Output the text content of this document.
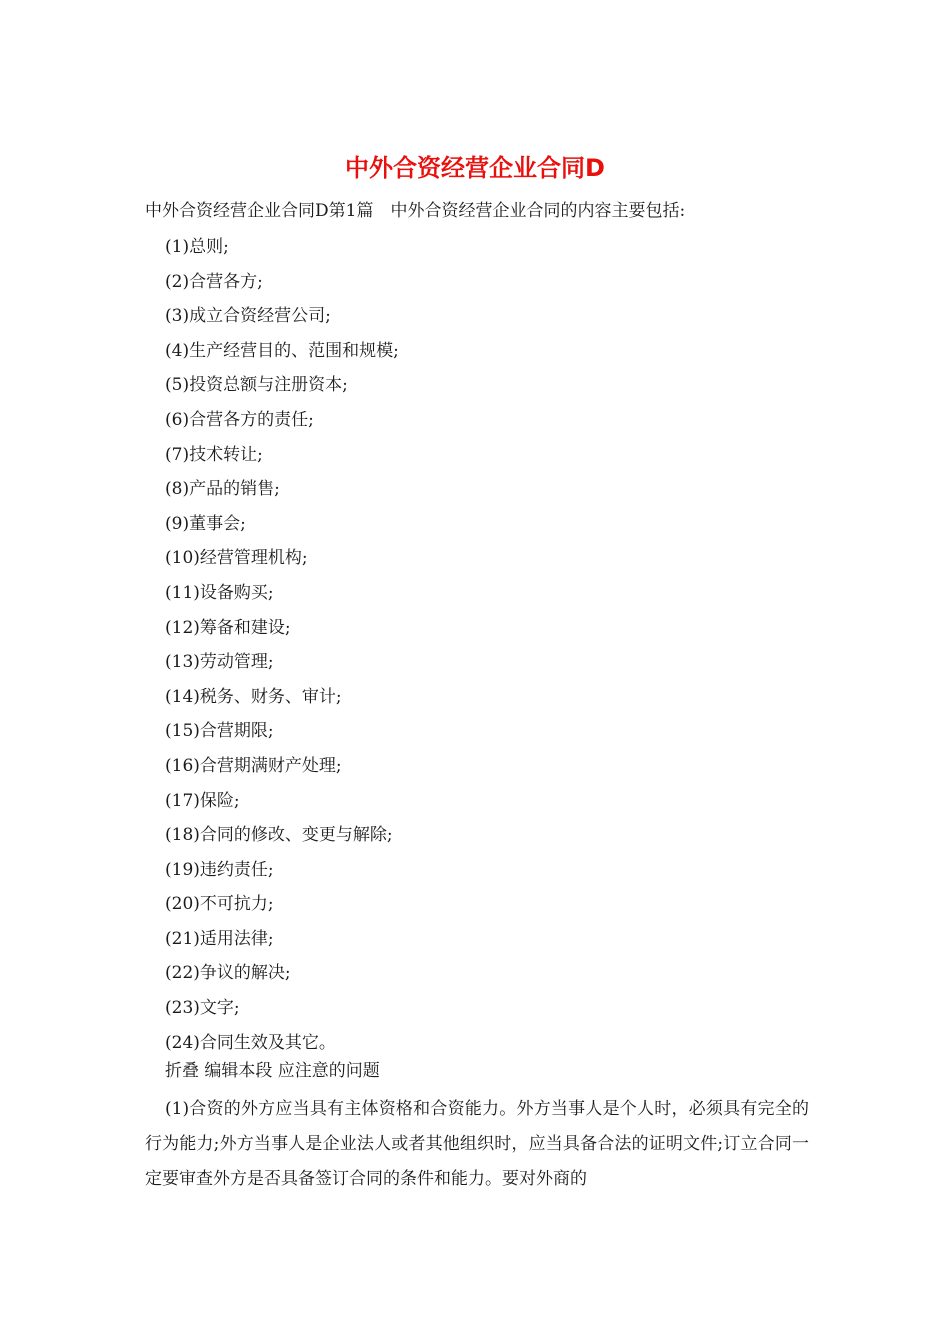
中外合资经营企业合同D

中外合资经营企业合同D第1篇　中外合资经营企业合同的内容主要包括:

(1)总则;
(2)合营各方;
(3)成立合资经营公司;
(4)生产经营目的、范围和规模;
(5)投资总额与注册资本;
(6)合营各方的责任;
(7)技术转让;
(8)产品的销售;
(9)董事会;
(10)经营管理机构;
(11)设备购买;
(12)筹备和建设;
(13)劳动管理;
(14)税务、财务、审计;
(15)合营期限;
(16)合营期满财产处理;
(17)保险;
(18)合同的修改、变更与解除;
(19)违约责任;
(20)不可抗力;
(21)适用法律;
(22)争议的解决;
(23)文字;
(24)合同生效及其它。
折叠 编辑本段 应注意的问题

(1)合资的外方应当具有主体资格和合资能力。外方当事人是个人时，必须具有完全的行为能力;外方当事人是企业法人或者其他组织时，应当具备合法的证明文件;订立合同一定要审查外方是否具备签订合同的条件和能力。要对外商的
